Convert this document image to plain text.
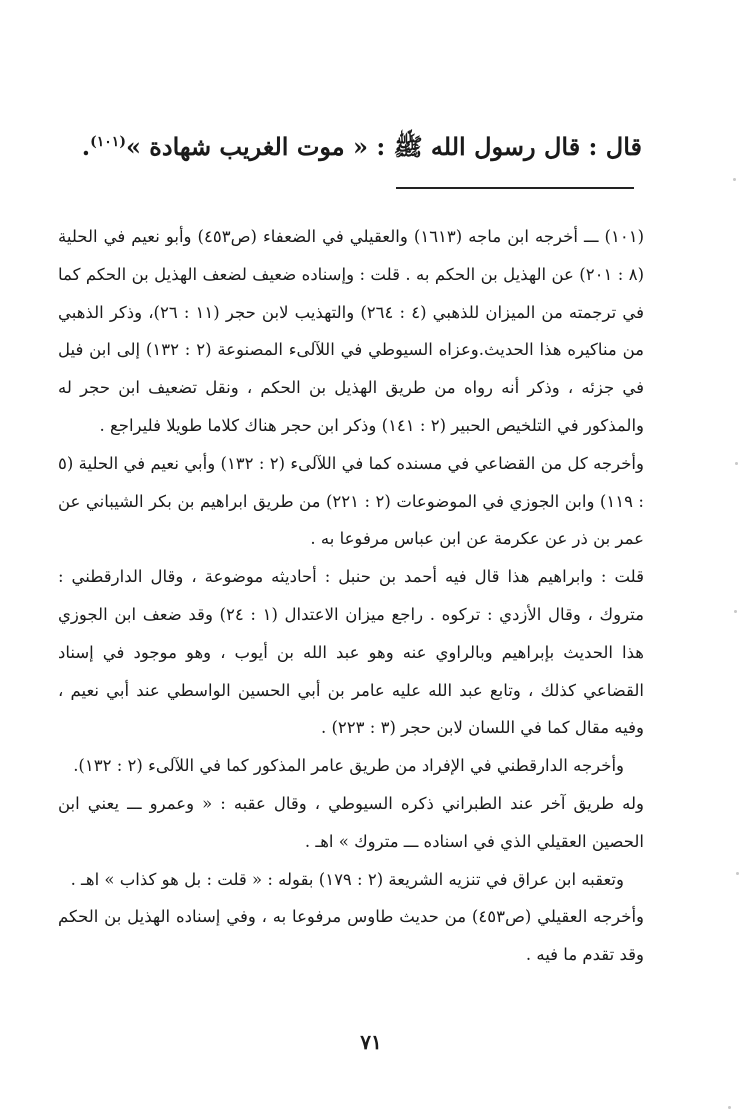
قال : قال رسول الله ﷺ : « موت الغريب شهادة »$^{(١٠١)}$.

(١٠١) ـــ أخرجه ابن ماجه (١٦١٣) والعقيلي في الضعفاء (ص٤٥٣) وأبو نعيم في الحلية (٨ : ٢٠١) عن الهذيل بن الحكم به . قلت : وإسناده ضعيف لضعف الهذيل بن الحكم كما في ترجمته من الميزان للذهبي (٤ : ٢٦٤) والتهذيب لابن حجر (١١ : ٢٦)، وذكر الذهبي من مناكيره هذا الحديث.وعزاه السيوطي في اللآلىء المصنوعة (٢ : ١٣٢) إلى ابن فيل في جزئه ، وذكر أنه رواه من طريق الهذيل بن الحكم ، ونقل تضعيف ابن حجر له والمذكور في التلخيص الحبير (٢ : ١٤١) وذكر ابن حجر هناك كلاما طويلا فليراجع .

وأخرجه كل من القضاعي في مسنده كما في اللآلىء (٢ : ١٣٢) وأبي نعيم في الحلية (٥ : ١١٩) وابن الجوزي في الموضوعات (٢ : ٢٢١) من طريق ابراهيم بن بكر الشيباني عن عمر بن ذر عن عكرمة عن ابن عباس مرفوعا به .

قلت : وابراهيم هذا قال فيه أحمد بن حنبل : أحاديثه موضوعة ، وقال الدارقطني : متروك ، وقال الأزدي : تركوه . راجع ميزان الاعتدال (١ : ٢٤) وقد ضعف ابن الجوزي هذا الحديث بإبراهيم وبالراوي عنه وهو عبد الله بن أيوب ، وهو موجود في إسناد القضاعي كذلك ، وتابع عبد الله عليه عامر بن أبي الحسين الواسطي عند أبي نعيم ، وفيه مقال كما في اللسان لابن حجر (٣ : ٢٢٣) .

وأخرجه الدارقطني في الإفراد من طريق عامر المذكور كما في اللآلىء (٢ : ١٣٢).

وله طريق آخر عند الطبراني ذكره السيوطي ، وقال عقبه : « وعمرو ـــ يعني ابن الحصين العقيلي الذي في اسناده ـــ متروك » اهـ .

وتعقبه ابن عراق في تنزيه الشريعة (٢ : ١٧٩) بقوله : « قلت : بل هو كذاب » اهـ .

وأخرجه العقيلي (ص٤٥٣) من حديث طاوس مرفوعا به ، وفي إسناده الهذيل بن الحكم وقد تقدم ما فيه .

٧١
